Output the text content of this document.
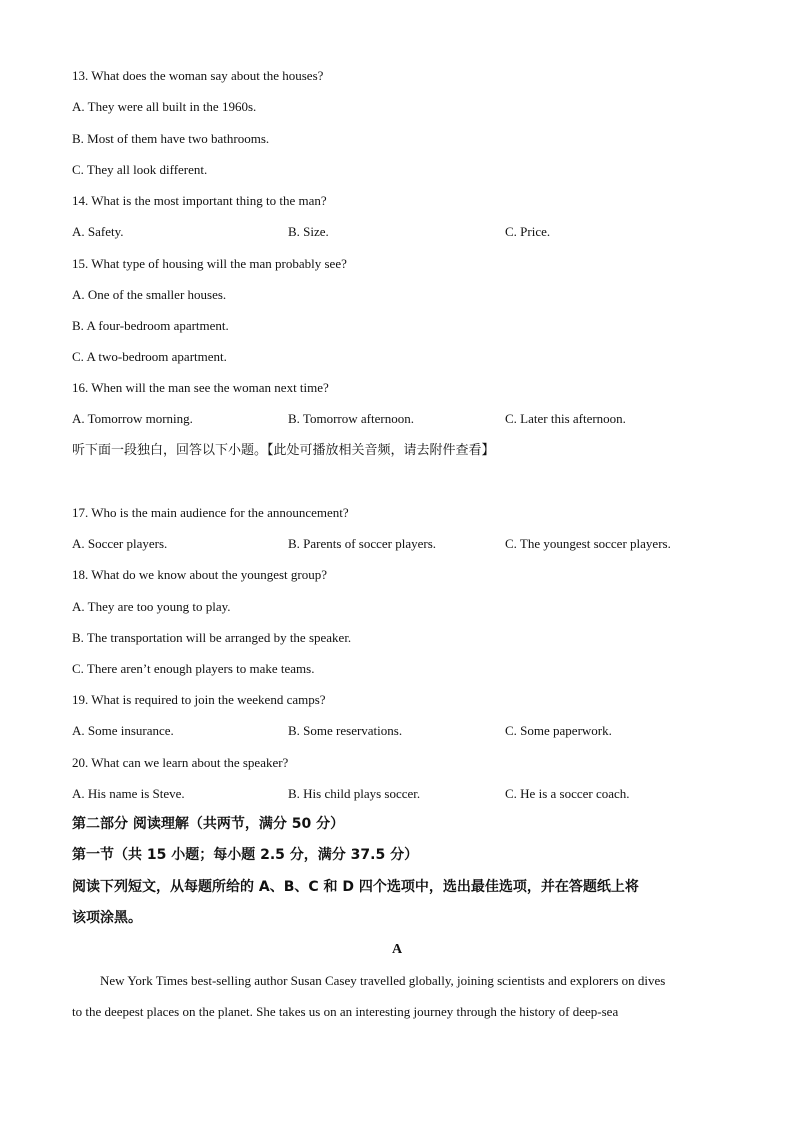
13. What does the woman say about the houses?
A. They were all built in the 1960s.
B. Most of them have two bathrooms.
C. They all look different.
14. What is the most important thing to the man?
A. Safety.	B. Size.	C. Price.
15. What type of housing will the man probably see?
A. One of the smaller houses.
B. A four-bedroom apartment.
C. A two-bedroom apartment.
16. When will the man see the woman next time?
A. Tomorrow morning.	B. Tomorrow afternoon.	C. Later this afternoon.
听下面一段独白，回答以下小题。【此处可播放相关音频，请去附件查看】
17. Who is the main audience for the announcement?
A. Soccer players.	B. Parents of soccer players.	C. The youngest soccer players.
18. What do we know about the youngest group?
A. They are too young to play.
B. The transportation will be arranged by the speaker.
C. There aren’t enough players to make teams.
19. What is required to join the weekend camps?
A. Some insurance.	B. Some reservations.	C. Some paperwork.
20. What can we learn about the speaker?
A. His name is Steve.	B. His child plays soccer.	C. He is a soccer coach.
第二部分 阅读理解（共两节，满分 50 分）
第一节（共 15 小题；每小题 2.5 分，满分 37.5 分）
阅读下列短文，从每题所给的 A、B、C 和 D 四个选项中，选出最佳选项，并在答题纸上将
该项涂黑。
A
New York Times best-selling author Susan Casey travelled globally, joining scientists and explorers on dives
to the deepest places on the planet. She takes us on an interesting journey through the history of deep-sea
